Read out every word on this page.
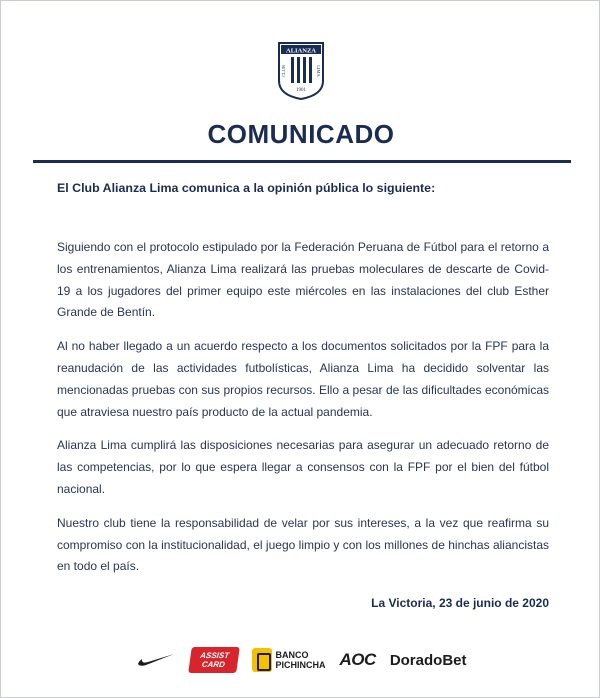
ALIANZA
CLUB	LIMA
1901
COMUNICADO
El Club Alianza Lima comunica a la opinión pública lo siguiente:

Siguiendo con el protocolo estipulado por la Federación Peruana de Fútbol para el retorno a los entrenamientos, Alianza Lima realizará las pruebas moleculares de descarte de Covid-19 a los jugadores del primer equipo este miércoles en las instalaciones del club Esther Grande de Bentín.

Al no haber llegado a un acuerdo respecto a los documentos solicitados por la FPF para la reanudación de las actividades futbolísticas, Alianza Lima ha decidido solventar las mencionadas pruebas con sus propios recursos. Ello a pesar de las dificultades económicas que atraviesa nuestro país producto de la actual pandemia.

Alianza Lima cumplirá las disposiciones necesarias para asegurar un adecuado retorno de las competencias, por lo que espera llegar a consensos con la FPF por el bien del fútbol nacional.

Nuestro club tiene la responsabilidad de velar por sus intereses, a la vez que reafirma su compromiso con la institucionalidad, el juego limpio y con los millones de hinchas aliancistas en todo el país.

La Victoria, 23 de junio de 2020
ASSIST
CARD
BANCO
PICHINCHA AOC DoradoBet
